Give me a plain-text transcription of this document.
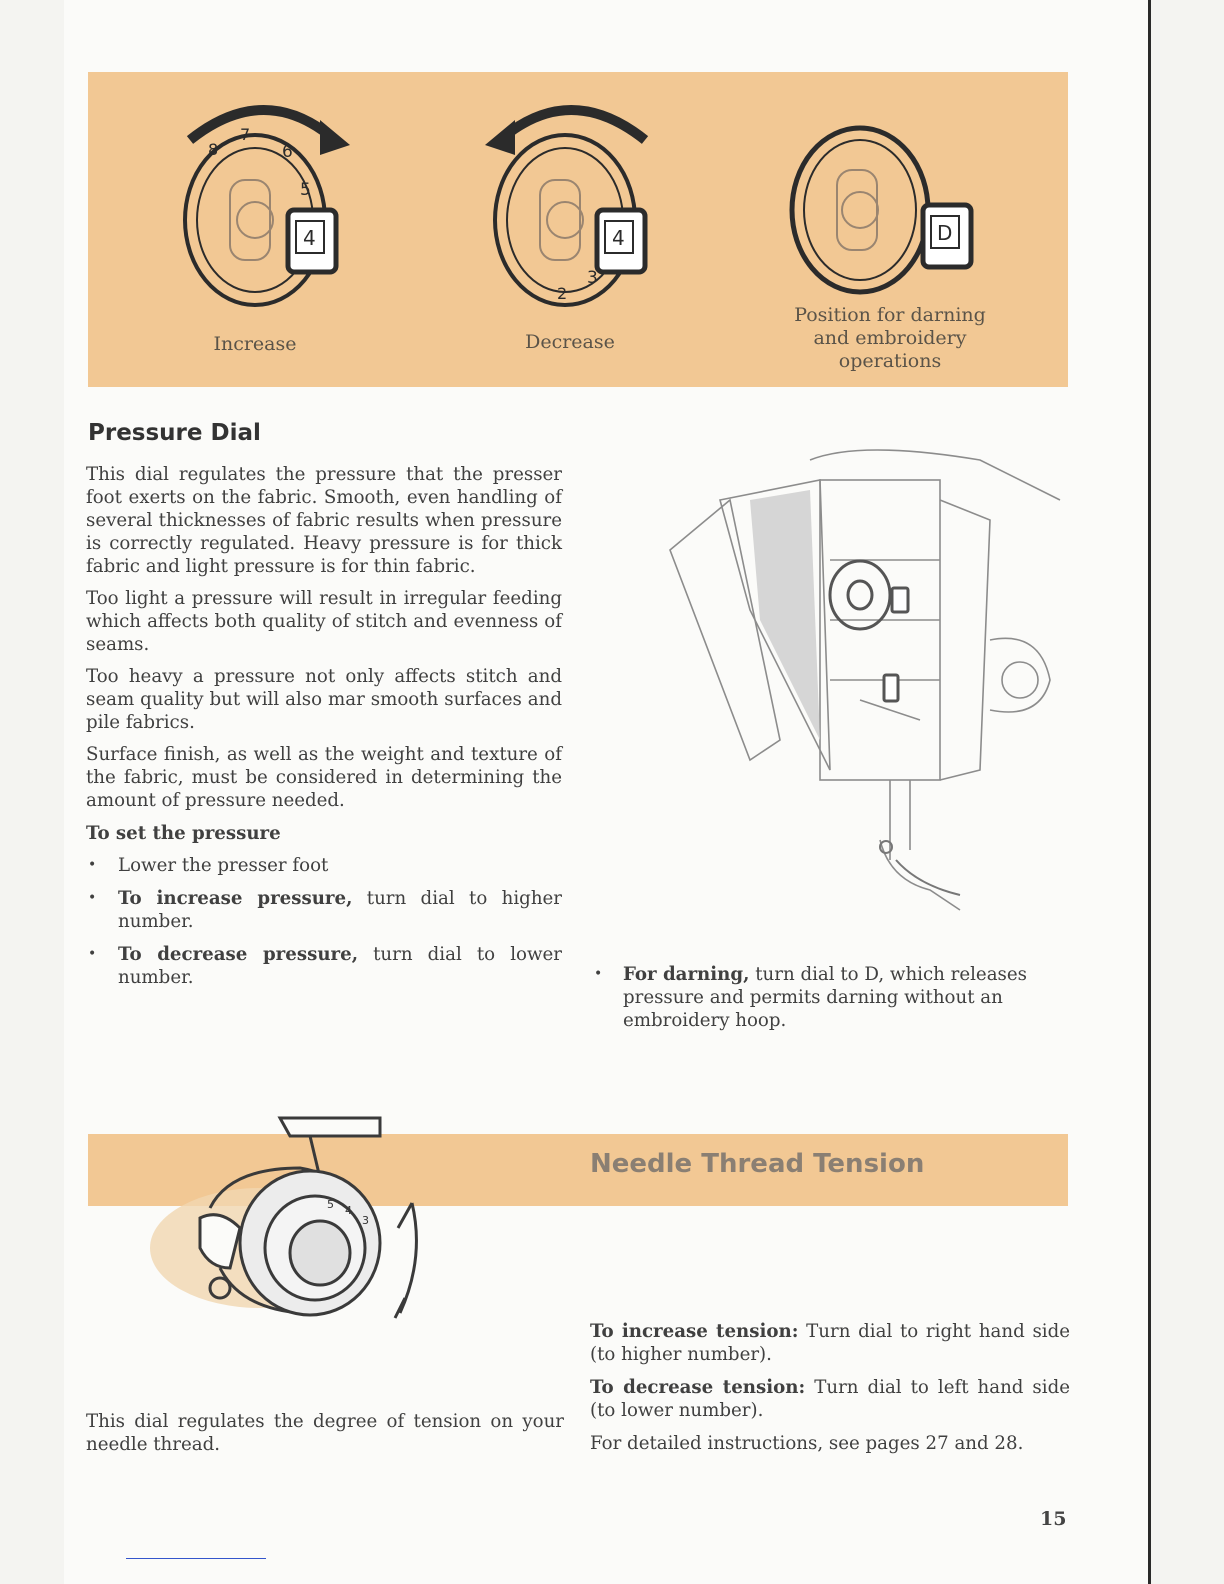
8
7
6
5
4
Increase
4
3
2
Decrease
D
Position for darning
and embroidery
operations
Pressure Dial

This dial regulates the pressure that the presser foot exerts on the fabric. Smooth, even handling of several thicknesses of fabric results when pressure is correctly regulated. Heavy pressure is for thick fabric and light pressure is for thin fabric.

Too light a pressure will result in irregular feeding which affects both quality of stitch and evenness of seams.

Too heavy a pressure not only affects stitch and seam quality but will also mar smooth surfaces and pile fabrics.

Surface finish, as well as the weight and texture of the fabric, must be considered in determining the amount of pressure needed.

To set the pressure

• Lower the presser foot
• To increase pressure, turn dial to higher number.
• To decrease pressure, turn dial to lower number.	• For darning, turn dial to D, which releases pressure and permits darning without an embroidery hoop.
5 4
3
Needle Thread Tension
This dial regulates the degree of tension on your needle thread.

To increase tension: Turn dial to right hand side (to higher number).

To decrease tension: Turn dial to left hand side (to lower number).

For detailed instructions, see pages 27 and 28.

15
